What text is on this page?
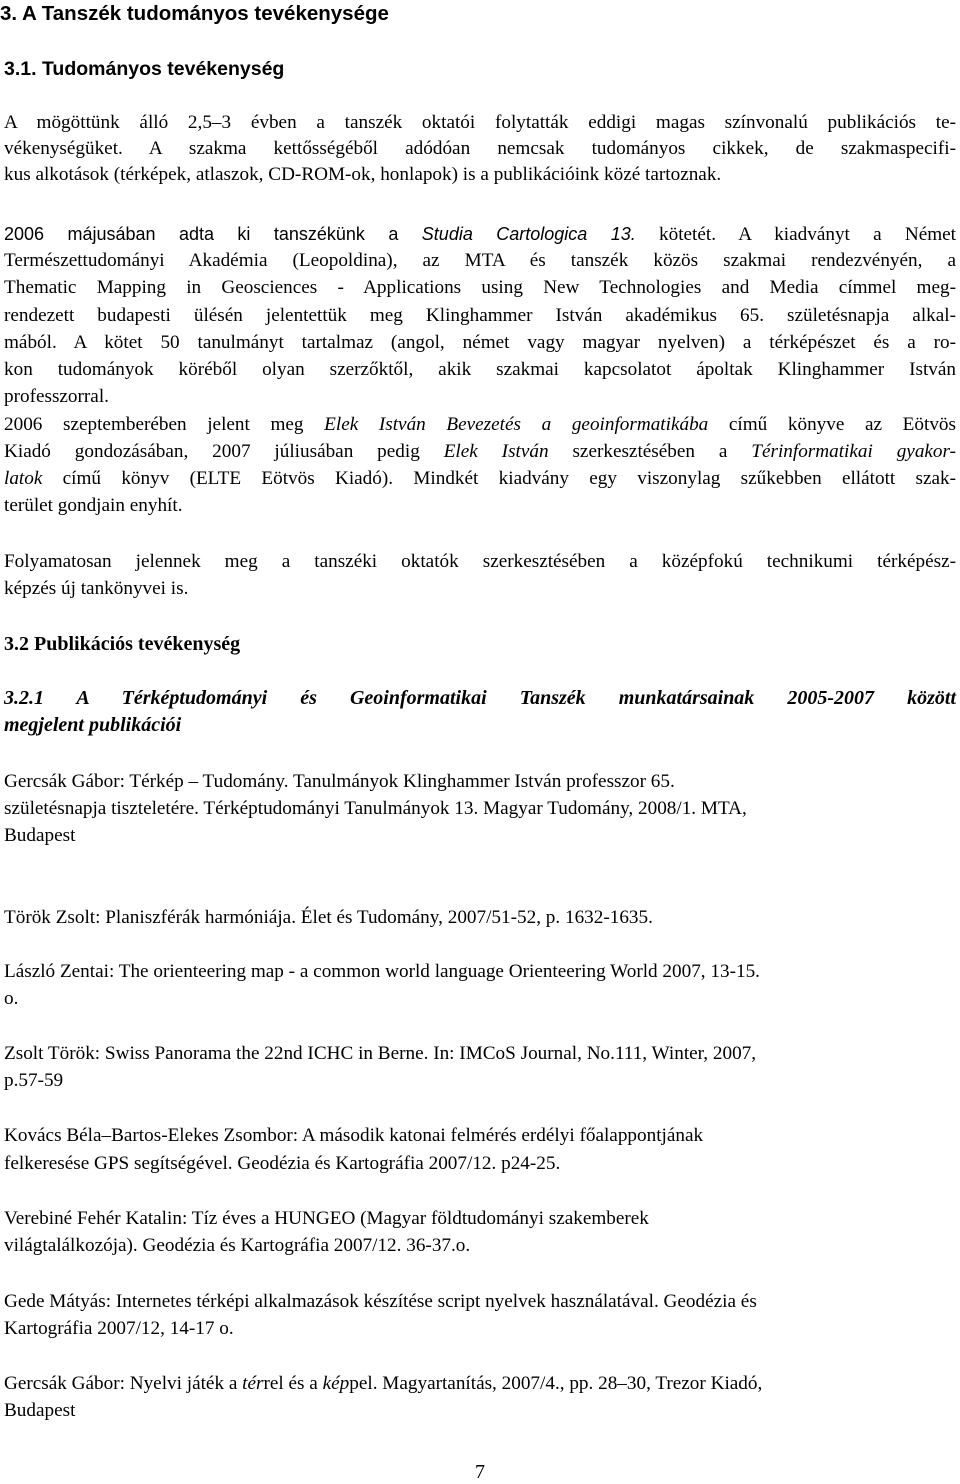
3. A Tanszék tudományos tevékenysége
3.1. Tudományos tevékenység
A mögöttünk álló 2,5–3 évben a tanszék oktatói folytatták eddigi magas színvonalú publikációs te-
vékenységüket. A szakma kettősségéből adódóan nemcsak tudományos cikkek, de szakmaspecifi-
kus alkotások (térképek, atlaszok, CD-ROM-ok, honlapok) is a publikációink közé tartoznak.
2006 májusában adta ki tanszékünk a Studia Cartologica 13. kötetét. A kiadványt a Német
Természettudományi Akadémia (Leopoldina), az MTA és tanszék közös szakmai rendezvényén, a
Thematic Mapping in Geosciences - Applications using New Technologies and Media címmel meg-
rendezett budapesti ülésén jelentettük meg Klinghammer István akadémikus 65. születésnapja alkal-
mából. A kötet 50 tanulmányt tartalmaz (angol, német vagy magyar nyelven) a térképészet és a ro-
kon tudományok köréből olyan szerzőktől, akik szakmai kapcsolatot ápoltak Klinghammer István
professzorral.
2006 szeptemberében jelent meg Elek István Bevezetés a geoinformatikába című könyve az Eötvös
Kiadó gondozásában, 2007 júliusában pedig Elek István szerkesztésében a Térinformatikai gyakor-
latok című könyv (ELTE Eötvös Kiadó). Mindkét kiadvány egy viszonylag szűkebben ellátott szak-
terület gondjain enyhít.
Folyamatosan jelennek meg a tanszéki oktatók szerkesztésében a középfokú technikumi térképész-
képzés új tankönyvei is.
3.2 Publikációs tevékenység
3.2.1 A Térképtudományi és Geoinformatikai Tanszék munkatársainak 2005-2007 között
megjelent publikációi
Gercsák Gábor: Térkép – Tudomány. Tanulmányok Klinghammer István professzor 65.
születésnapja tiszteletére. Térképtudományi Tanulmányok 13. Magyar Tudomány, 2008/1. MTA,
Budapest
Török Zsolt: Planiszférák harmóniája. Élet és Tudomány, 2007/51-52, p. 1632-1635.
László Zentai: The orienteering map - a common world language Orienteering World 2007, 13-15.
o.
Zsolt Török: Swiss Panorama the 22nd ICHC in Berne. In: IMCoS Journal, No.111, Winter, 2007,
p.57-59
Kovács Béla–Bartos-Elekes Zsombor: A második katonai felmérés erdélyi főalappontjának
felkeresése GPS segítségével. Geodézia és Kartográfia 2007/12. p24-25.
Verebiné Fehér Katalin: Tíz éves a HUNGEO (Magyar földtudományi szakemberek
világtalálkozója). Geodézia és Kartográfia 2007/12. 36-37.o.
Gede Mátyás: Internetes térképi alkalmazások készítése script nyelvek használatával. Geodézia és
Kartográfia 2007/12, 14-17 o.
Gercsák Gábor: Nyelvi játék a térrel és a képpel. Magyartanítás, 2007/4., pp. 28–30, Trezor Kiadó,
Budapest
7
